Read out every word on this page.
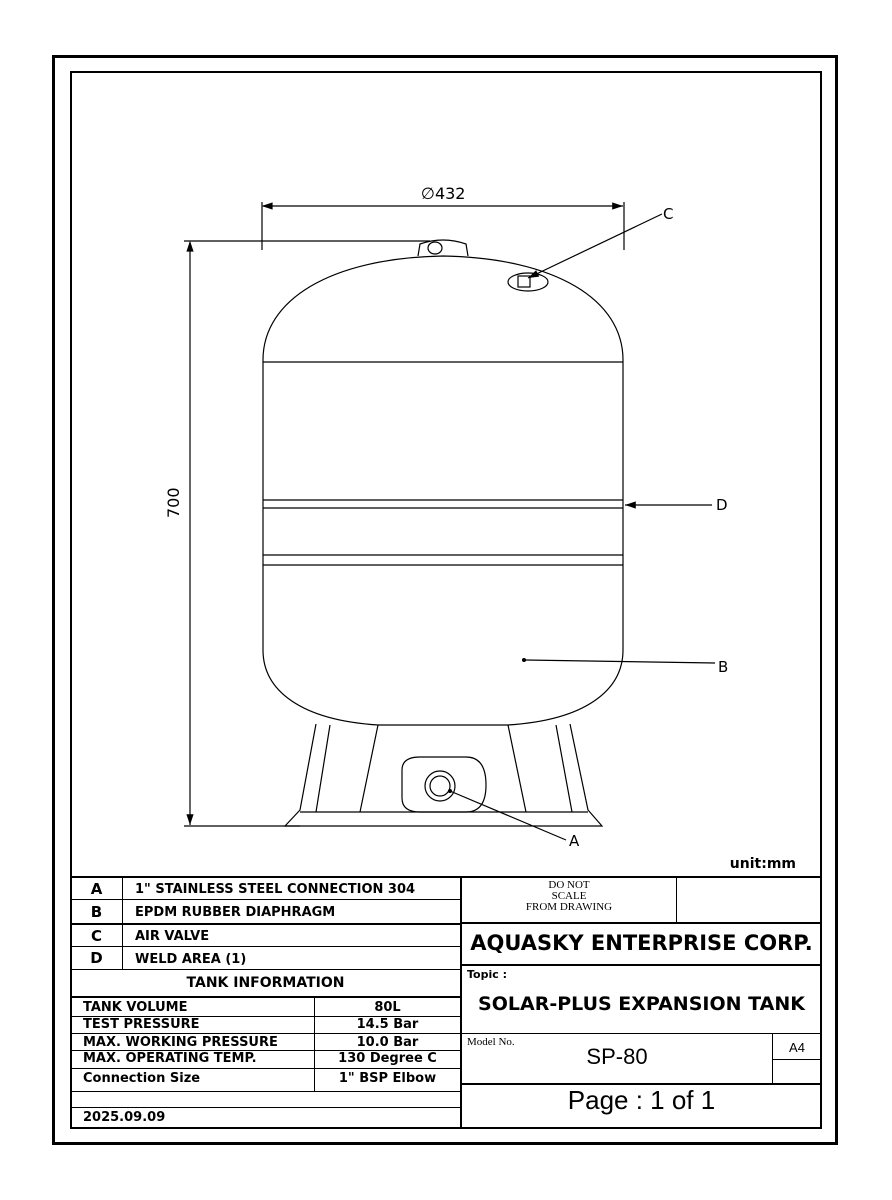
∅432
700
C
D
B
A
unit:mm
A	1" STAINLESS STEEL CONNECTION 304
B	EPDM RUBBER DIAPHRAGM
C	AIR VALVE
D	WELD AREA (1)
TANK INFORMATION
TANK VOLUME	80L
TEST PRESSURE	14.5 Bar
MAX. WORKING PRESSURE	10.0 Bar
MAX. OPERATING TEMP.	130 Degree C
Connection Size	1" BSP Elbow
2025.09.09
DO NOT
SCALE
FROM DRAWING
AQUASKY ENTERPRISE CORP.
Topic :
SOLAR-PLUS EXPANSION TANK
Model No.
SP-80	A4
Page : 1 of 1
